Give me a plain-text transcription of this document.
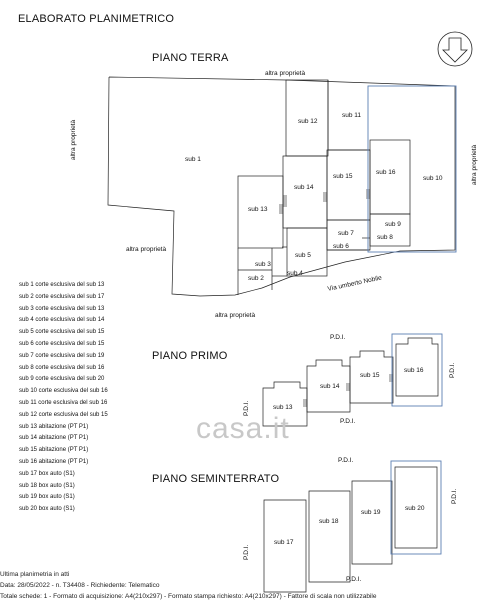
ELABORATO PLANIMETRICO
PIANO TERRA
PIANO PRIMO
PIANO SEMINTERRATO
altra proprietà
altra proprietà
altra proprietà
altra proprietà
altra proprietà
Via umberto Nobile
sub 1
sub 2
sub 3
sub 4
sub 5
sub 6
sub 7
sub 8
sub 9
sub 10
sub 11
sub 12
sub 13
sub 14
sub 15
sub 16
sub 13
sub 14
sub 15
sub 16
P.D.I.
P.D.I.
P.D.I.
P.D.I.
P.D.I.
sub 17
sub 18
sub 19
sub 20
P.D.I.
P.D.I.
P.D.I.
casa.it
sub 1 corte esclusiva del sub 13
sub 2 corte esclusiva del sub 17
sub 3 corte esclusiva del sub 13
sub 4 corte esclusiva del sub 14
sub 5 corte esclusiva del sub 15
sub 6 corte esclusiva del sub 15
sub 7 corte esclusiva del sub 19
sub 8 corte esclusiva del sub 16
sub 9 corte esclusiva del sub 20
sub 10 corte esclusiva del sub 16
sub 11 corte esclusiva del sub 16
sub 12 corte esclusiva del sub 15
sub 13 abitazione (PT P1)
sub 14 abitazione (PT P1)
sub 15 abitazione (PT P1)
sub 16 abitazione (PT P1)
sub 17 box auto (S1)
sub 18 box auto (S1)
sub 19 box auto (S1)
sub 20 box auto (S1)
Ultima planimetria in atti
Data: 28/05/2022 - n. T34408 - Richiedente: Telematico
Totale schede: 1 - Formato di acquisizione: A4(210x297) - Formato stampa richiesto: A4(210x297) - Fattore di scala non utilizzabile
